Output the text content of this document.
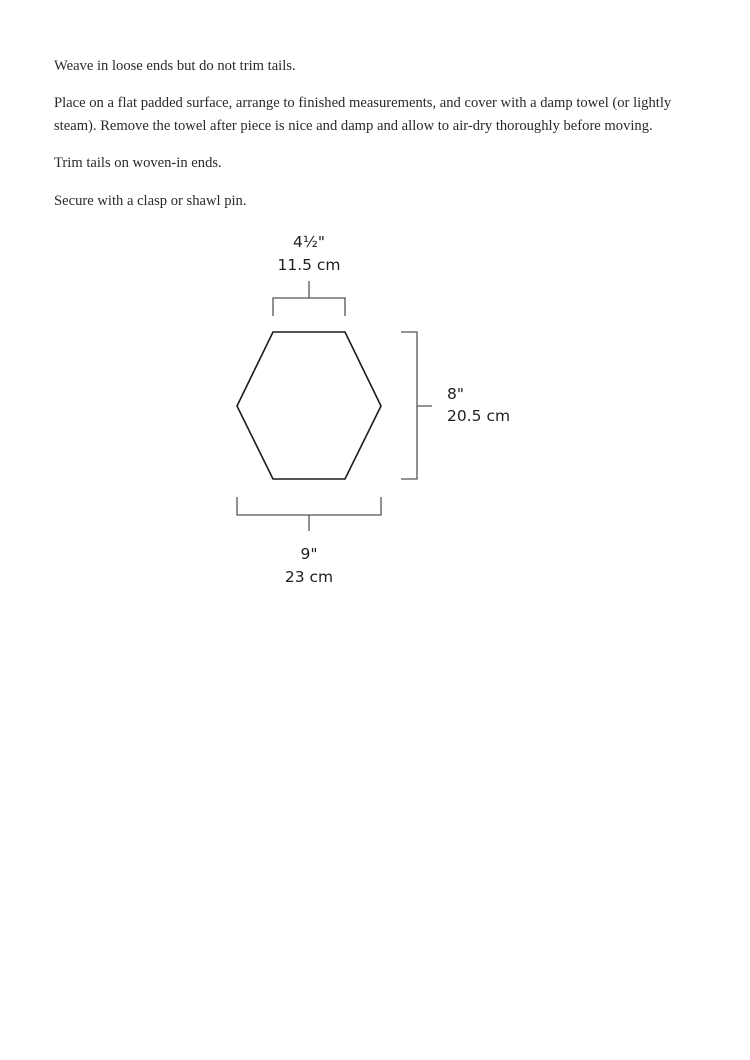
Weave in loose ends but do not trim tails.

Place on a flat padded surface, arrange to finished measurements, and cover with a damp towel (or lightly steam). Remove the towel after piece is nice and damp and allow to air-dry thoroughly before moving.

Trim tails on woven-in ends.

Secure with a clasp or shawl pin.

4½"
11.5 cm
8"
20.5 cm
9"
23 cm
